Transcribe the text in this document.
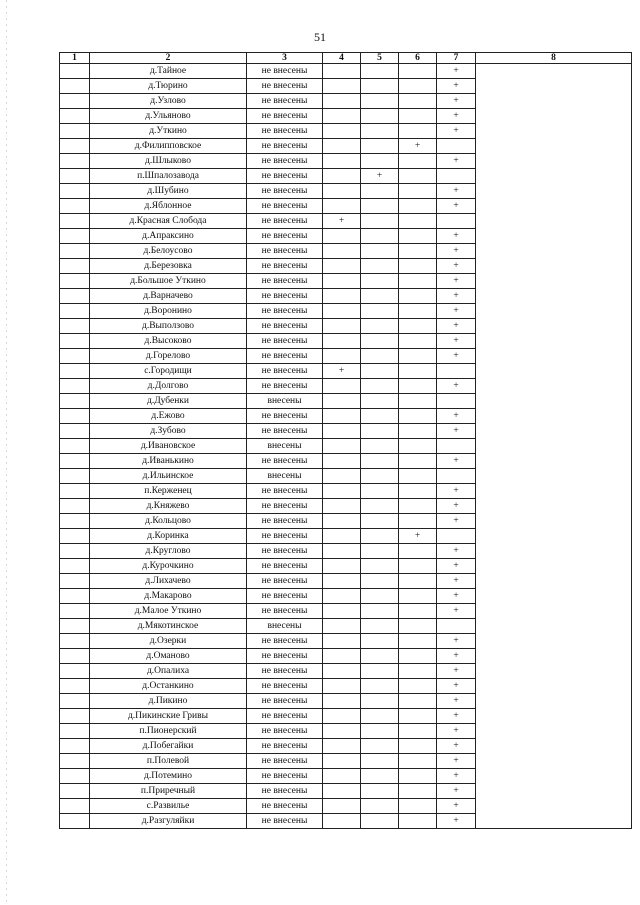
51
1	2	3	4	5	6	7	8
	д.Тайное	не внесены				+	
	д.Тюрино	не внесены				+	
	д.Узлово	не внесены				+	
	д.Ульяново	не внесены				+	
	д.Уткино	не внесены				+	
	д.Филипповское	не внесены			+		
	д.Шлыково	не внесены				+	
	п.Шпалозавода	не внесены		+			
	д.Шубино	не внесены				+	
	д.Яблонное	не внесены				+	
	д.Красная Слобода	не внесены	+				
	д.Апраксино	не внесены				+	
	д.Белоусово	не внесены				+	
	д.Березовка	не внесены				+	
	д.Большое Уткино	не внесены				+	
	д.Варначево	не внесены				+	
	д.Воронино	не внесены				+	
	д.Выползово	не внесены				+	
	д.Высоково	не внесены				+	
	д.Горелово	не внесены				+	
	с.Городищи	не внесены	+				
	д.Долгово	не внесены				+	
	д.Дубенки	внесены					
	д.Ежово	не внесены				+	
	д.Зубово	не внесены				+	
	д.Ивановское	внесены					
	д.Иванькино	не внесены				+	
	д.Ильинское	внесены					
	п.Керженец	не внесены				+	
	д.Княжево	не внесены				+	
	д.Кольцово	не внесены				+	
	д.Коринка	не внесены			+		
	д.Круглово	не внесены				+	
	д.Курочкино	не внесены				+	
	д.Лихачево	не внесены				+	
	д.Макарово	не внесены				+	
	д.Малое Уткино	не внесены				+	
	д.Мякотинское	внесены					
	д.Озерки	не внесены				+	
	д.Оманово	не внесены				+	
	д.Опалиха	не внесены				+	
	д.Останкино	не внесены				+	
	д.Пикино	не внесены				+	
	д.Пикинские Гривы	не внесены				+	
	п.Пионерский	не внесены				+	
	д.Побегайки	не внесены				+	
	п.Полевой	не внесены				+	
	д.Потемино	не внесены				+	
	п.Приречный	не внесены				+	
	с.Развилье	не внесены				+	
	д.Разгуляйки	не внесены				+	
